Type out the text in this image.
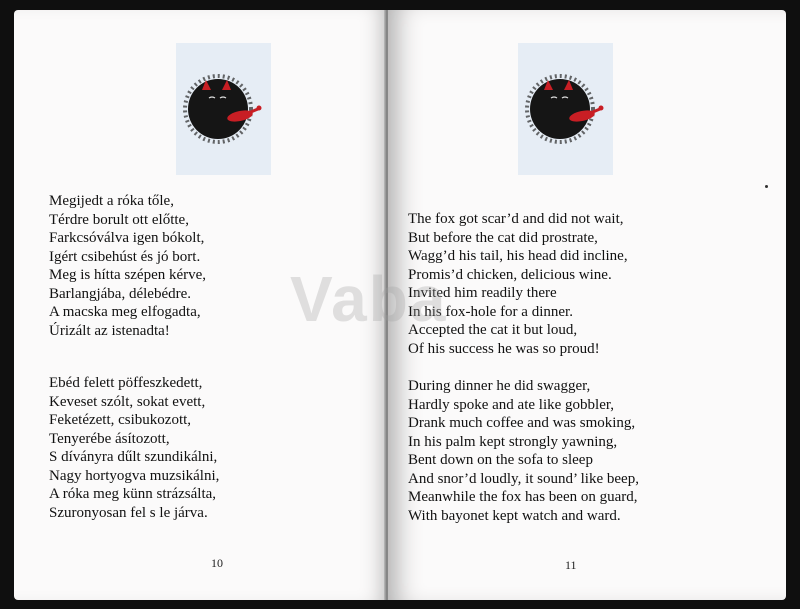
Megijedt a róka tőle,
Térdre borult ott előtte,
Farkcsóválva igen bókolt,
Igért csibehúst és jó bort.
Meg is hítta szépen kérve,
Barlangjába, délebédre.
A macska meg elfogadta,
Úrizált az istenadta!
Ebéd felett pöffeszkedett,
Keveset szólt, sokat evett,
Feketézett, csibukozott,
Tenyerébe ásítozott,
S díványra dűlt szundikálni,
Nagy hortyogva muzsikálni,
A róka meg künn strázsálta,
Szuronyosan fel s le járva.
10
The fox got scar’d and did not wait,
But before the cat did prostrate,
Wagg’d his tail, his head did incline,
Promis’d chicken, delicious wine.
Invited him readily there
In his fox-hole for a dinner.
Accepted the cat it but loud,
Of his success he was so proud!
During dinner he did swagger,
Hardly spoke and ate like gobbler,
Drank much coffee and was smoking,
In his palm kept strongly yawning,
Bent down on the sofa to sleep
And snor’d loudly, it sound’ like beep,
Meanwhile the fox has been on guard,
With bayonet kept watch and ward.
11
Vaba
